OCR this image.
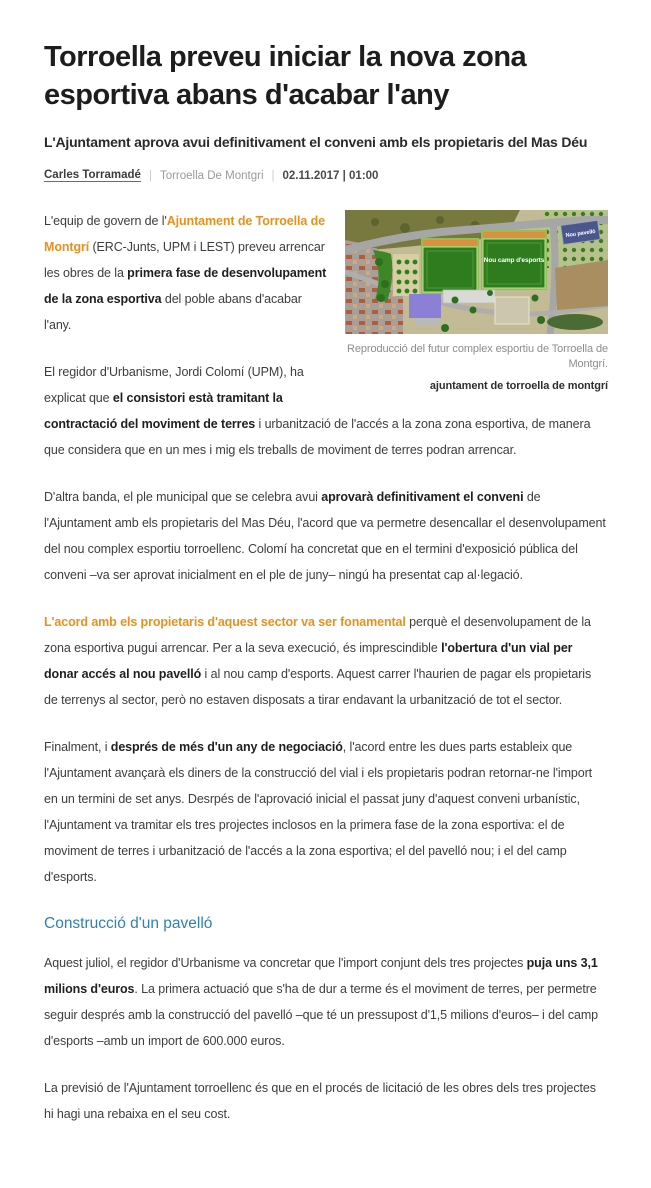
Torroella preveu iniciar la nova zona esportiva abans d'acabar l'any
L'Ajuntament aprova avui definitivament el conveni amb els propietaris del Mas Déu
Carles Torramadé | Torroella De Montgri | 02.11.2017 | 01:00
Nou camp d'esports
Nou pavelló
Reproducció del futur complex esportiu de Torroella de Montgrí.
ajuntament de torroella de montgrí

L'equip de govern de l'Ajuntament de Torroella de Montgrí (ERC-Junts, UPM i LEST) preveu arrencar les obres de la primera fase de desenvolupament de la zona esportiva del poble abans d'acabar l'any.

El regidor d'Urbanisme, Jordi Colomí (UPM), ha explicat que el consistori està tramitant la contractació del moviment de terres i urbanització de l'accés a la zona zona esportiva, de manera que considera que en un mes i mig els treballs de moviment de terres podran arrencar.

D'altra banda, el ple municipal que se celebra avui aprovarà definitivament el conveni de l'Ajuntament amb els propietaris del Mas Déu, l'acord que va permetre desencallar el desenvolupament del nou complex esportiu torroellenc. Colomí ha concretat que en el termini d'exposició pública del conveni –va ser aprovat inicialment en el ple de juny– ningú ha presentat cap al·legació.

L'acord amb els propietaris d'aquest sector va ser fonamental perquè el desenvolupament de la zona esportiva pugui arrencar. Per a la seva execució, és imprescindible l'obertura d'un vial per donar accés al nou pavelló i al nou camp d'esports. Aquest carrer l'haurien de pagar els propietaris de terrenys al sector, però no estaven disposats a tirar endavant la urbanització de tot el sector.

Finalment, i després de més d'un any de negociació, l'acord entre les dues parts estableix que l'Ajuntament avançarà els diners de la construcció del vial i els propietaris podran retornar-ne l'import en un termini de set anys. Desrpés de l'aprovació inicial el passat juny d'aquest conveni urbanístic, l'Ajuntament va tramitar els tres projectes inclosos en la primera fase de la zona esportiva: el de moviment de terres i urbanització de l'accés a la zona esportiva; el del pavelló nou; i el del camp d'esports.

Construcció d'un pavelló

Aquest juliol, el regidor d'Urbanisme va concretar que l'import conjunt dels tres projectes puja uns 3,1 milions d'euros. La primera actuació que s'ha de dur a terme és el moviment de terres, per permetre seguir després amb la construcció del pavelló –que té un pressupost d'1,5 milions d'euros– i del camp d'esports –amb un import de 600.000 euros.

La previsió de l'Ajuntament torroellenc és que en el procés de licitació de les obres dels tres projectes hi hagi una rebaixa en el seu cost.
